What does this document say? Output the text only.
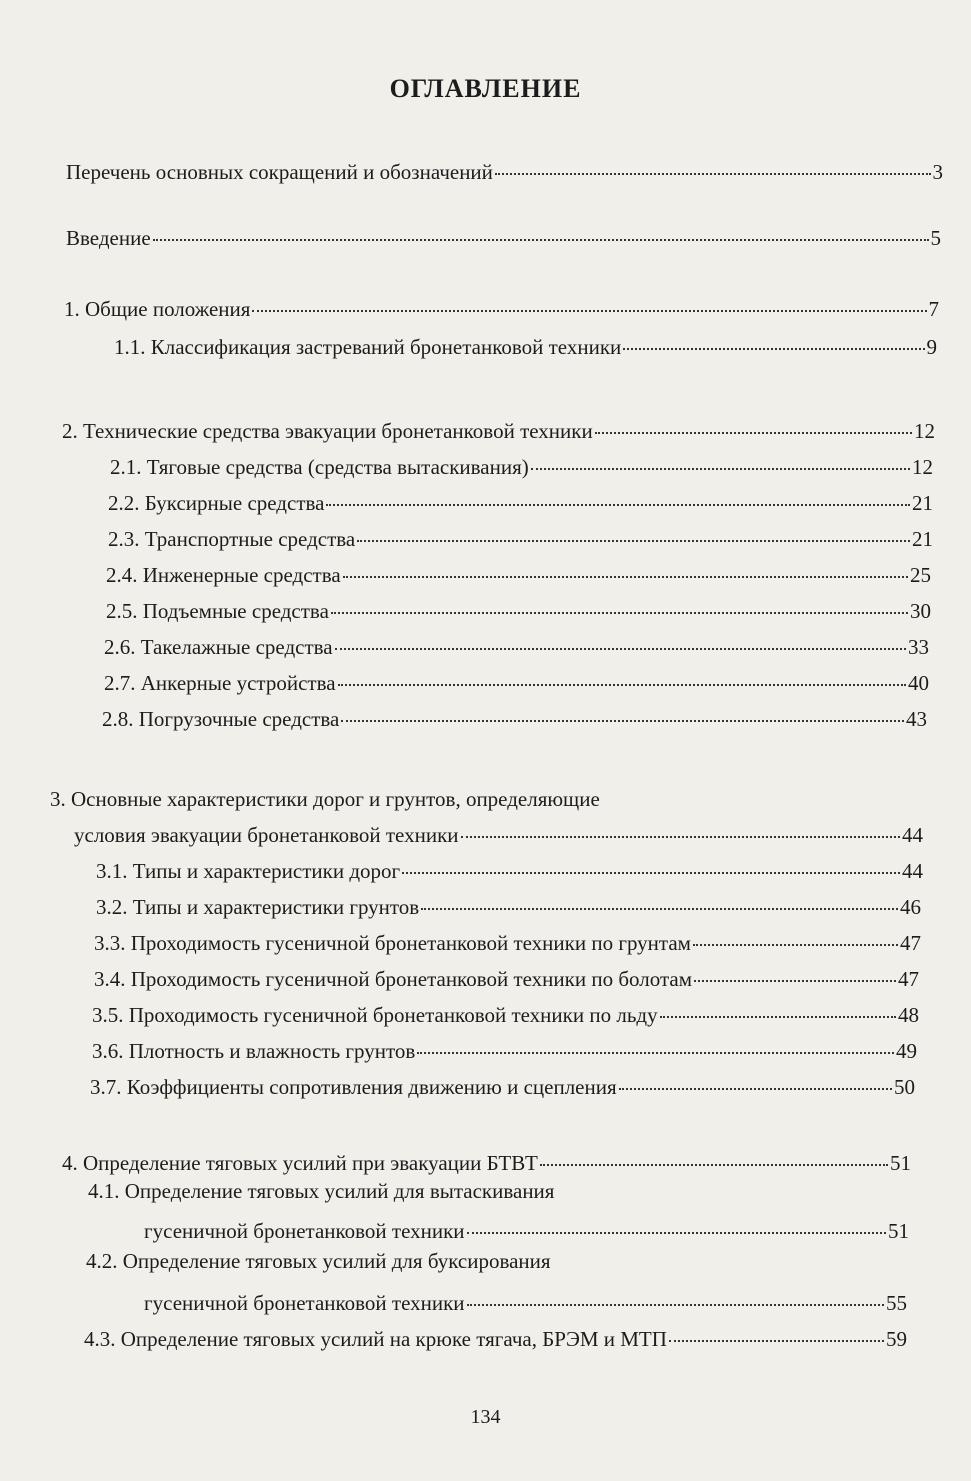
ОГЛАВЛЕНИЕ
Перечень основных сокращений и обозначений	3
Введение	5
1. Общие положения	7
1.1. Классификация застреваний бронетанковой техники	9
2. Технические средства эвакуации бронетанковой техники	12
2.1. Тяговые средства (средства вытаскивания)	12
2.2. Буксирные средства	21
2.3. Транспортные средства	21
2.4. Инженерные средства	25
2.5. Подъемные средства	30
2.6. Такелажные средства	33
2.7. Анкерные устройства	40
2.8. Погрузочные средства	43
3. Основные характеристики дорог и грунтов, определяющие
условия эвакуации бронетанковой техники	44
3.1. Типы и характеристики дорог	44
3.2. Типы и характеристики грунтов	46
3.3. Проходимость гусеничной бронетанковой техники по грунтам	47
3.4. Проходимость гусеничной бронетанковой техники по болотам	47
3.5. Проходимость гусеничной бронетанковой техники по льду	48
3.6. Плотность и влажность грунтов	49
3.7. Коэффициенты сопротивления движению и сцепления	50
4. Определение тяговых усилий при эвакуации БТВТ	51
4.1. Определение тяговых усилий для вытаскивания
гусеничной бронетанковой техники	51
4.2. Определение тяговых усилий для буксирования
гусеничной бронетанковой техники	55
4.3. Определение тяговых усилий на крюке тягача, БРЭМ и МТП	59
134
